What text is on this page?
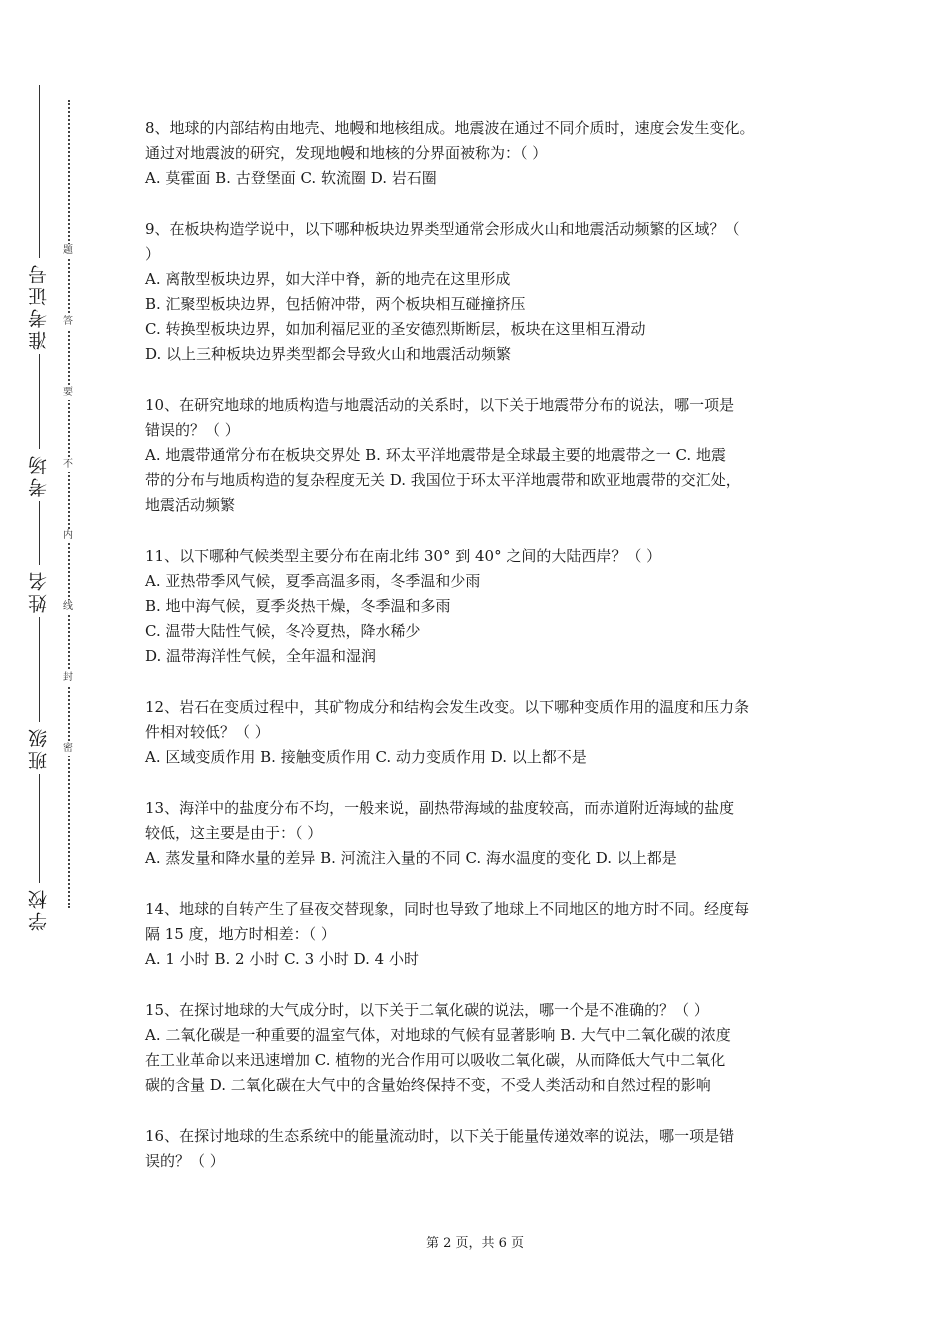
准考证号
考场
姓名
班级
学校
题
答
要
不
内
线
封
密
8、地球的内部结构由地壳、地幔和地核组成。地震波在通过不同介质时，速度会发生变化。
通过对地震波的研究，发现地幔和地核的分界面被称为：（ ）
A. 莫霍面 B. 古登堡面 C. 软流圈 D. 岩石圈
9、在板块构造学说中，以下哪种板块边界类型通常会形成火山和地震活动频繁的区域？（
）
A. 离散型板块边界，如大洋中脊，新的地壳在这里形成
B. 汇聚型板块边界，包括俯冲带，两个板块相互碰撞挤压
C. 转换型板块边界，如加利福尼亚的圣安德烈斯断层，板块在这里相互滑动
D. 以上三种板块边界类型都会导致火山和地震活动频繁
10、在研究地球的地质构造与地震活动的关系时，以下关于地震带分布的说法，哪一项是
错误的？（ ）
A. 地震带通常分布在板块交界处 B. 环太平洋地震带是全球最主要的地震带之一 C. 地震
带的分布与地质构造的复杂程度无关 D. 我国位于环太平洋地震带和欧亚地震带的交汇处，
地震活动频繁
11、以下哪种气候类型主要分布在南北纬 30° 到 40° 之间的大陆西岸？（ ）
A. 亚热带季风气候，夏季高温多雨，冬季温和少雨
B. 地中海气候，夏季炎热干燥，冬季温和多雨
C. 温带大陆性气候，冬冷夏热，降水稀少
D. 温带海洋性气候，全年温和湿润
12、岩石在变质过程中，其矿物成分和结构会发生改变。以下哪种变质作用的温度和压力条
件相对较低？（ ）
A. 区域变质作用 B. 接触变质作用 C. 动力变质作用 D. 以上都不是
13、海洋中的盐度分布不均，一般来说，副热带海域的盐度较高，而赤道附近海域的盐度
较低，这主要是由于：（ ）
A. 蒸发量和降水量的差异 B. 河流注入量的不同 C. 海水温度的变化 D. 以上都是
14、地球的自转产生了昼夜交替现象，同时也导致了地球上不同地区的地方时不同。经度每
隔 15 度，地方时相差：（ ）
A. 1 小时 B. 2 小时 C. 3 小时 D. 4 小时
15、在探讨地球的大气成分时，以下关于二氧化碳的说法，哪一个是不准确的？（ ）
A. 二氧化碳是一种重要的温室气体，对地球的气候有显著影响 B. 大气中二氧化碳的浓度
在工业革命以来迅速增加 C. 植物的光合作用可以吸收二氧化碳，从而降低大气中二氧化
碳的含量 D. 二氧化碳在大气中的含量始终保持不变，不受人类活动和自然过程的影响
16、在探讨地球的生态系统中的能量流动时，以下关于能量传递效率的说法，哪一项是错
误的？（ ）
第 2 页，共 6 页
